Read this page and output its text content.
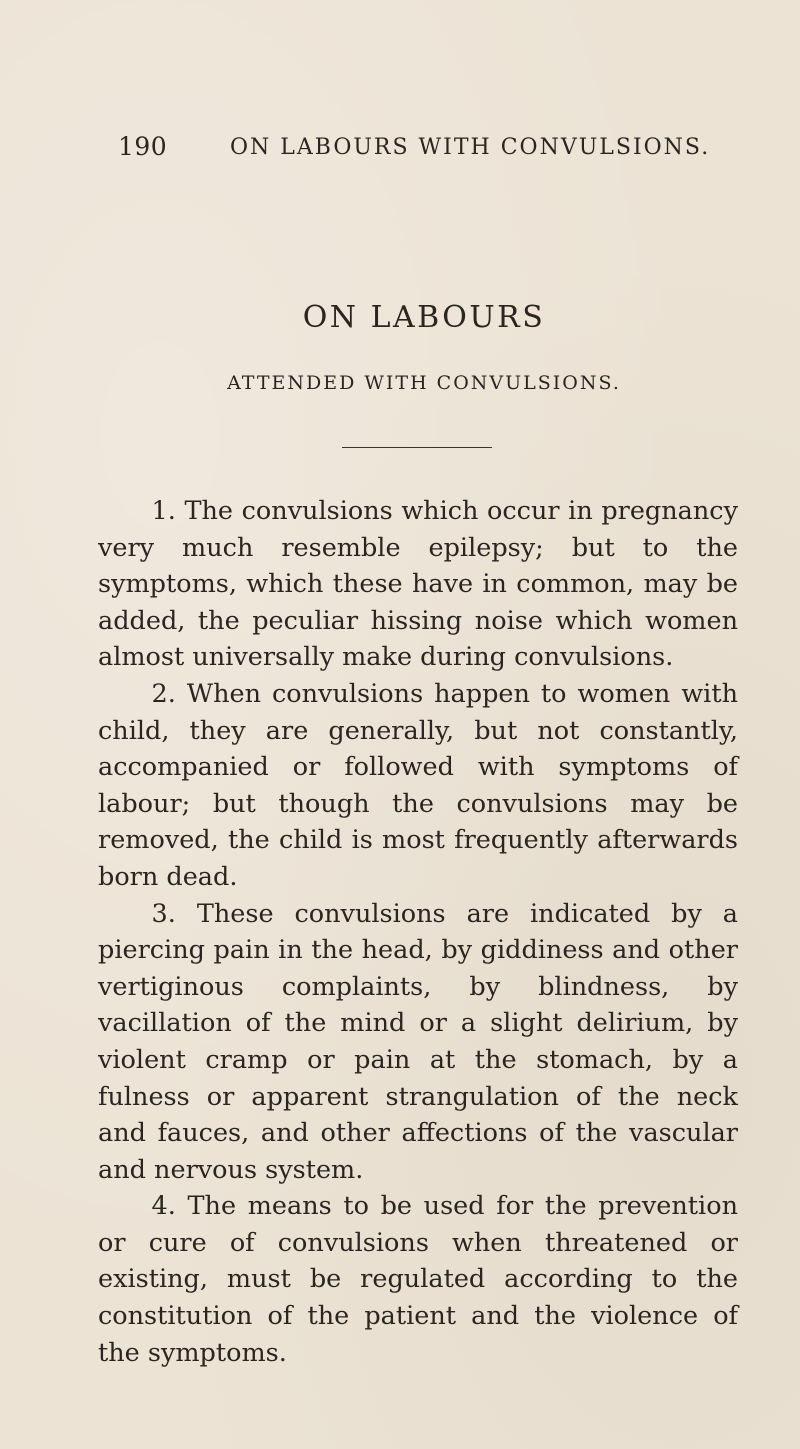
190	ON LABOURS WITH CONVULSIONS.
ON LABOURS
ATTENDED WITH CONVULSIONS.

1. The convulsions which occur in pregnancy very much resemble epilepsy; but to the symptoms, which these have in common, may be added, the peculiar hissing noise which women almost universally make during convulsions.

2. When convulsions happen to women with child, they are generally, but not constantly, accompanied or followed with symptoms of labour; but though the convulsions may be removed, the child is most frequently afterwards born dead.

3. These convulsions are indicated by a piercing pain in the head, by giddiness and other vertiginous complaints, by blindness, by vacillation of the mind or a slight delirium, by violent cramp or pain at the stomach, by a fulness or apparent strangulation of the neck and fauces, and other affections of the vascular and nervous system.

4. The means to be used for the prevention or cure of convulsions when threatened or existing, must be regulated according to the constitution of the patient and the violence of the symptoms.
